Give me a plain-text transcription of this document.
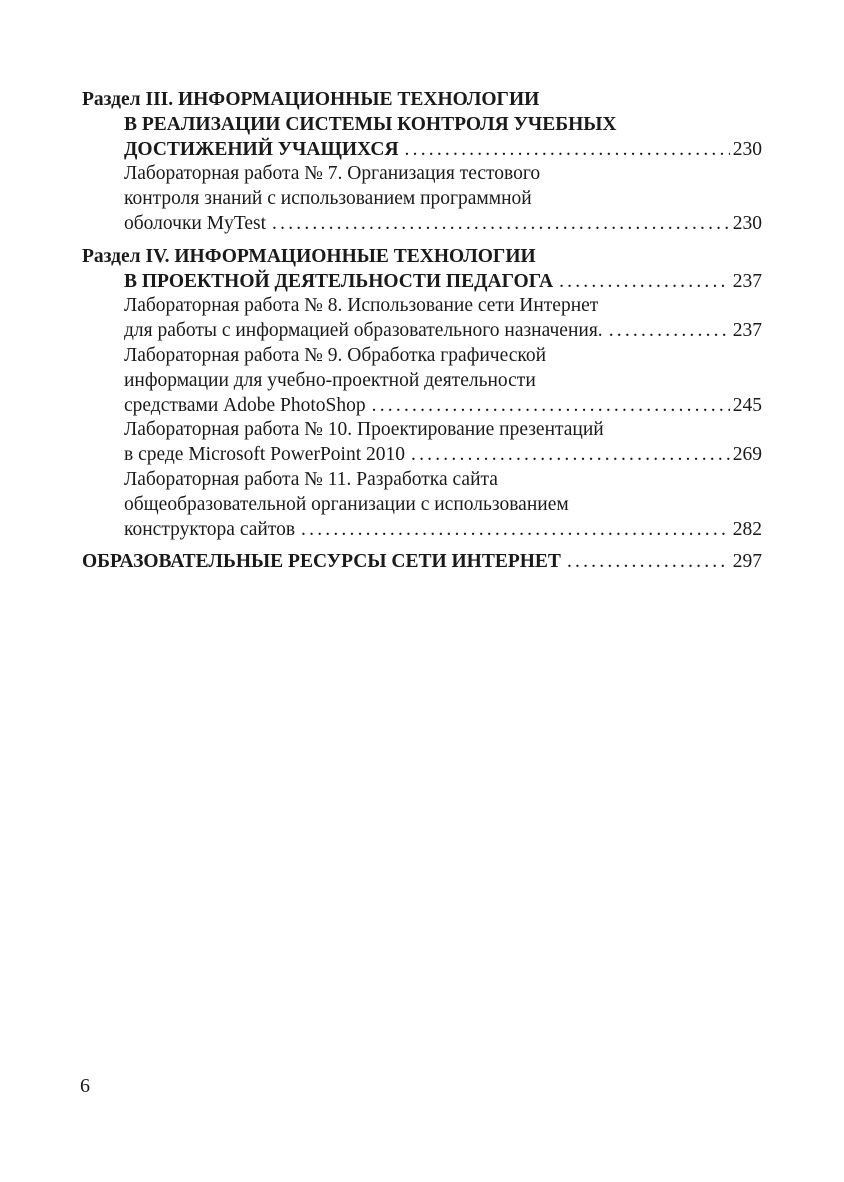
Раздел III. ИНФОРМАЦИОННЫЕ ТЕХНОЛОГИИ
В РЕАЛИЗАЦИИ СИСТЕМЫ КОНТРОЛЯ УЧЕБНЫХ
ДОСТИЖЕНИЙ УЧАЩИХСЯ .....	230
Лабораторная работа № 7. Организация тестового
контроля знаний с использованием программной
оболочки MyTest .....	230
Раздел IV. ИНФОРМАЦИОННЫЕ ТЕХНОЛОГИИ
В ПРОЕКТНОЙ ДЕЯТЕЛЬНОСТИ ПЕДАГОГА .....	237
Лабораторная работа № 8. Использование сети Интернет
для работы с информацией образовательного назначения. .....	237
Лабораторная работа № 9. Обработка графической
информации для учебно-проектной деятельности
средствами Adobe PhotoShop .....	245
Лабораторная работа № 10. Проектирование презентаций
в среде Microsoft PowerPoint 2010 .....	269
Лабораторная работа № 11. Разработка сайта
общеобразовательной организации с использованием
конструктора сайтов .....	282
ОБРАЗОВАТЕЛЬНЫЕ РЕСУРСЫ СЕТИ ИНТЕРНЕТ .....	297
6
